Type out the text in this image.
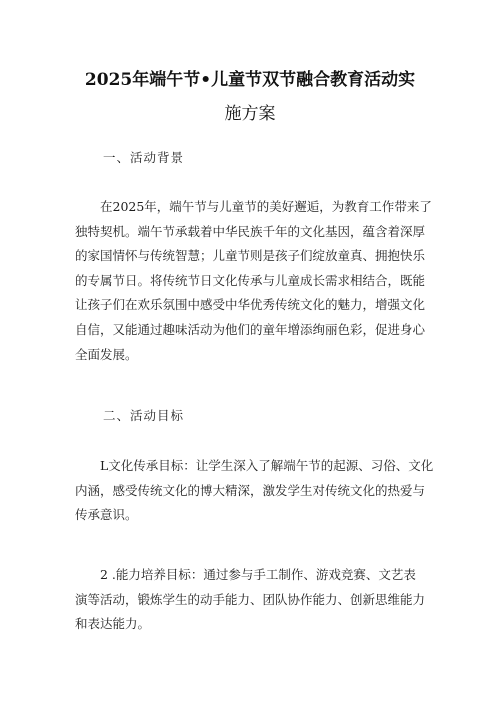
2025年端午节•儿童节双节融合教育活动实
施方案
一、活动背景
在2025年，端午节与儿童节的美好邂逅，为教育工作带来了
独特契机。端午节承载着中华民族千年的文化基因，蕴含着深厚
的家国情怀与传统智慧；儿童节则是孩子们绽放童真、拥抱快乐
的专属节日。将传统节日文化传承与儿童成长需求相结合，既能
让孩子们在欢乐氛围中感受中华优秀传统文化的魅力，增强文化
自信，又能通过趣味活动为他们的童年增添绚丽色彩，促进身心
全面发展。
二、活动目标
L文化传承目标：让学生深入了解端午节的起源、习俗、文化
内涵，感受传统文化的博大精深，激发学生对传统文化的热爱与
传承意识。
2 .能力培养目标：通过参与手工制作、游戏竞赛、文艺表
演等活动，锻炼学生的动手能力、团队协作能力、创新思维能力
和表达能力。
